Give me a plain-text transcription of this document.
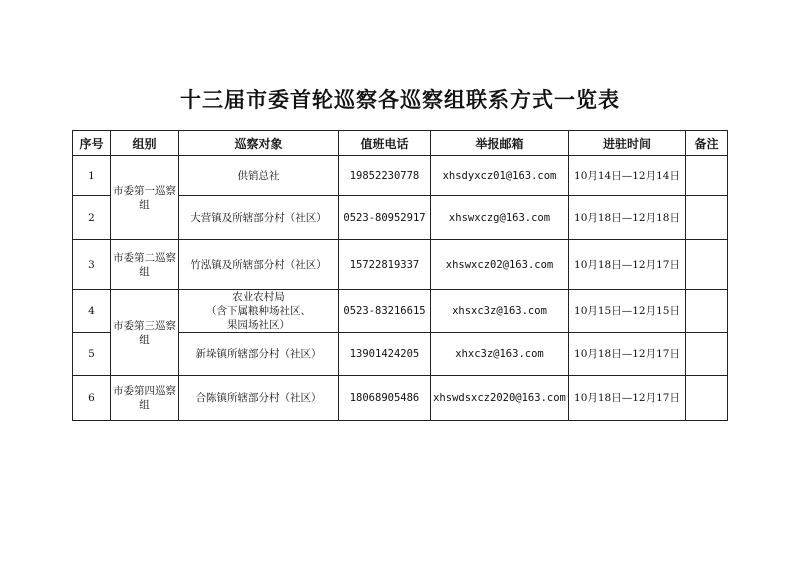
十三届市委首轮巡察各巡察组联系方式一览表
序号	组别	巡察对象	值班电话	举报邮箱	进驻时间	备注
1	市委第一巡察组	供销总社	19852230778	xhsdyxcz01@163.com	10月14日—12月14日	
2		大营镇及所辖部分村（社区）	0523-80952917	xhswxczg@163.com	10月18日—12月18日	
3	市委第二巡察组	竹泓镇及所辖部分村（社区）	15722819337	xhswxcz02@163.com	10月18日—12月17日	
4	市委第三巡察组	农业农村局
（含下属粮种场社区、
果园场社区）	0523-83216615	xhsxc3z@163.com	10月15日—12月15日	
5		新垛镇所辖部分村（社区）	13901424205	xhxc3z@163.com	10月18日—12月17日	
6	市委第四巡察组	合陈镇所辖部分村（社区）	18068905486	xhswdsxcz2020@163.com	10月18日—12月17日	
